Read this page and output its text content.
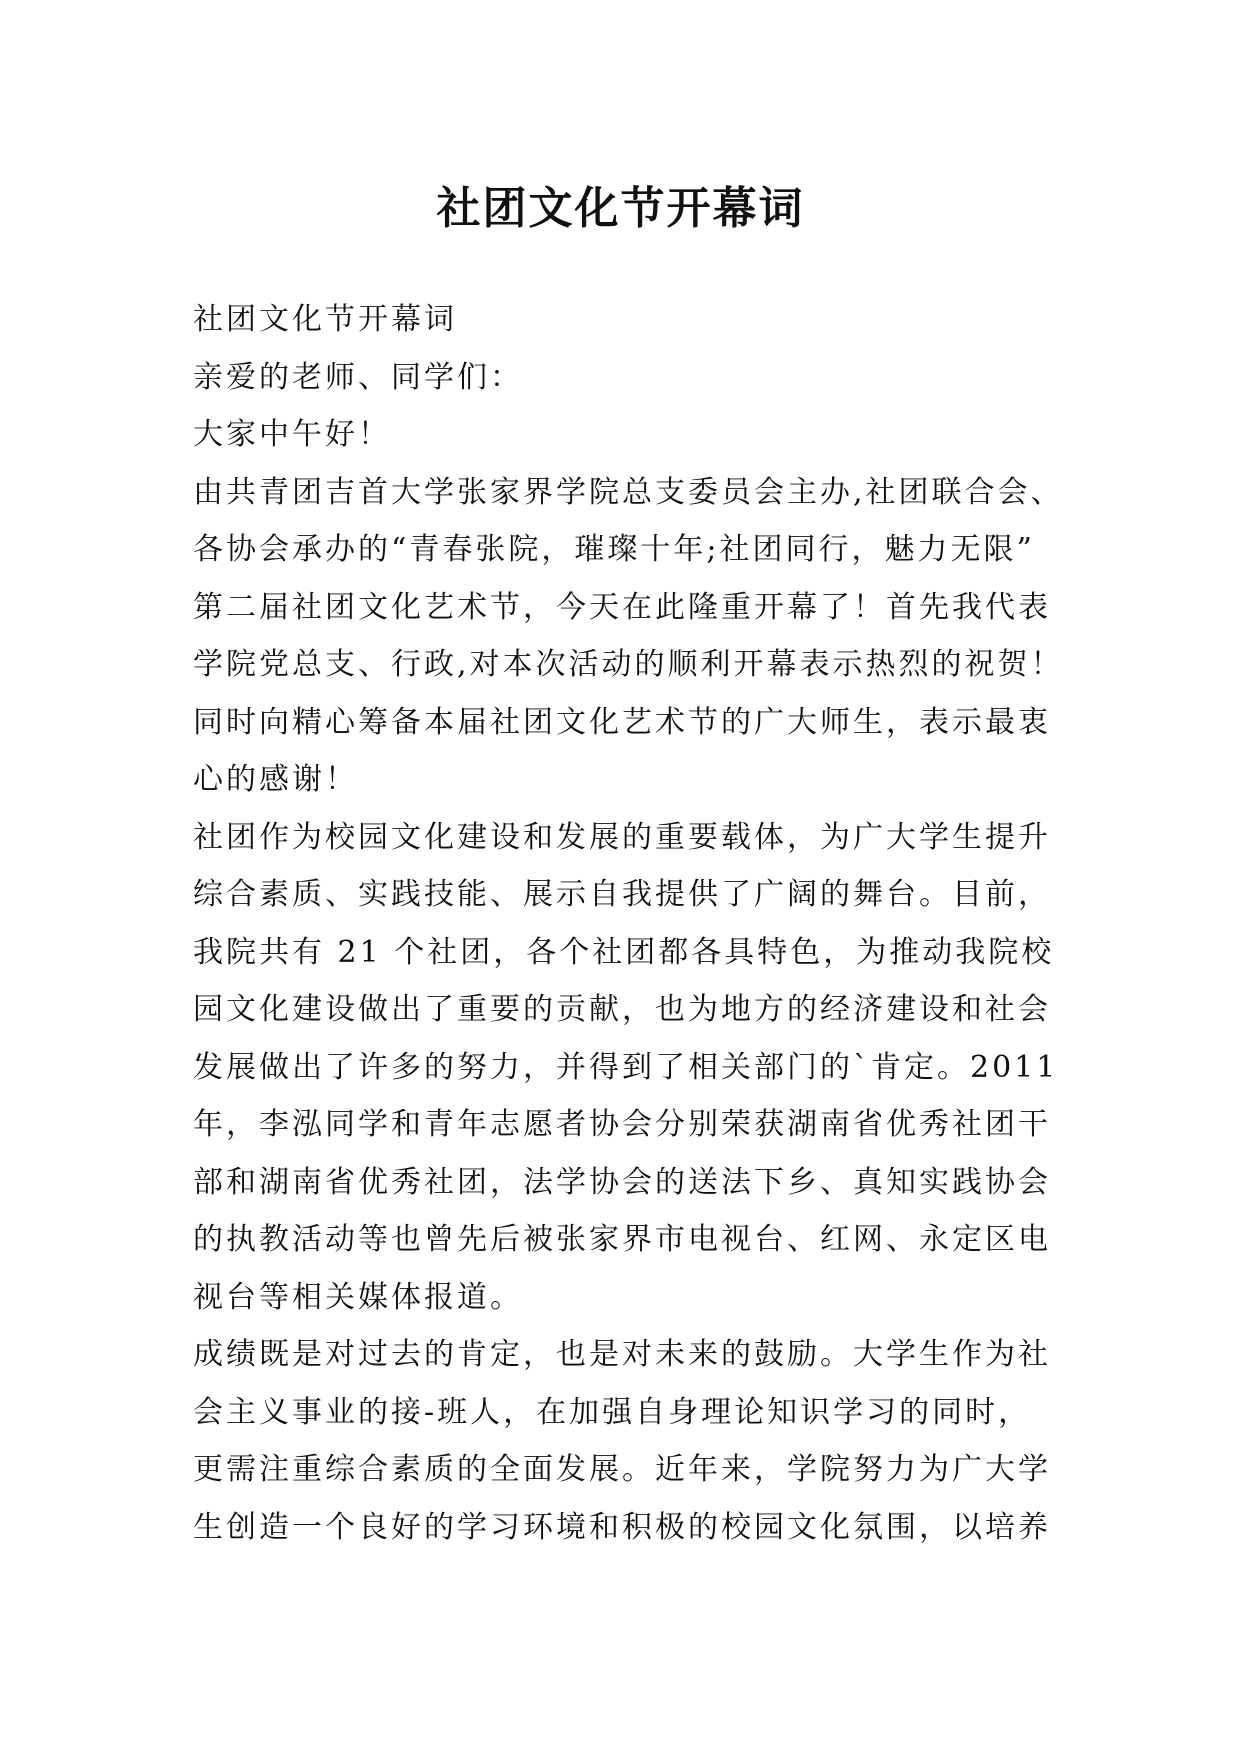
社团文化节开幕词
社团文化节开幕词
亲爱的老师、同学们：
大家中午好！
由共青团吉首大学张家界学院总支委员会主办,社团联合会、
各协会承办的“青春张院，璀璨十年;社团同行，魅力无限”
第二届社团文化艺术节，今天在此隆重开幕了！首先我代表
学院党总支、行政,对本次活动的顺利开幕表示热烈的祝贺！
同时向精心筹备本届社团文化艺术节的广大师生，表示最衷
心的感谢！
社团作为校园文化建设和发展的重要载体，为广大学生提升
综合素质、实践技能、展示自我提供了广阔的舞台。目前，
我院共有 21 个社团，各个社团都各具特色，为推动我院校
园文化建设做出了重要的贡献，也为地方的经济建设和社会
发展做出了许多的努力，并得到了相关部门的`肯定。2011
年，李泓同学和青年志愿者协会分别荣获湖南省优秀社团干
部和湖南省优秀社团，法学协会的送法下乡、真知实践协会
的执教活动等也曾先后被张家界市电视台、红网、永定区电
视台等相关媒体报道。
成绩既是对过去的肯定，也是对未来的鼓励。大学生作为社
会主义事业的接-班人，在加强自身理论知识学习的同时，
更需注重综合素质的全面发展。近年来，学院努力为广大学
生创造一个良好的学习环境和积极的校园文化氛围，以培养
